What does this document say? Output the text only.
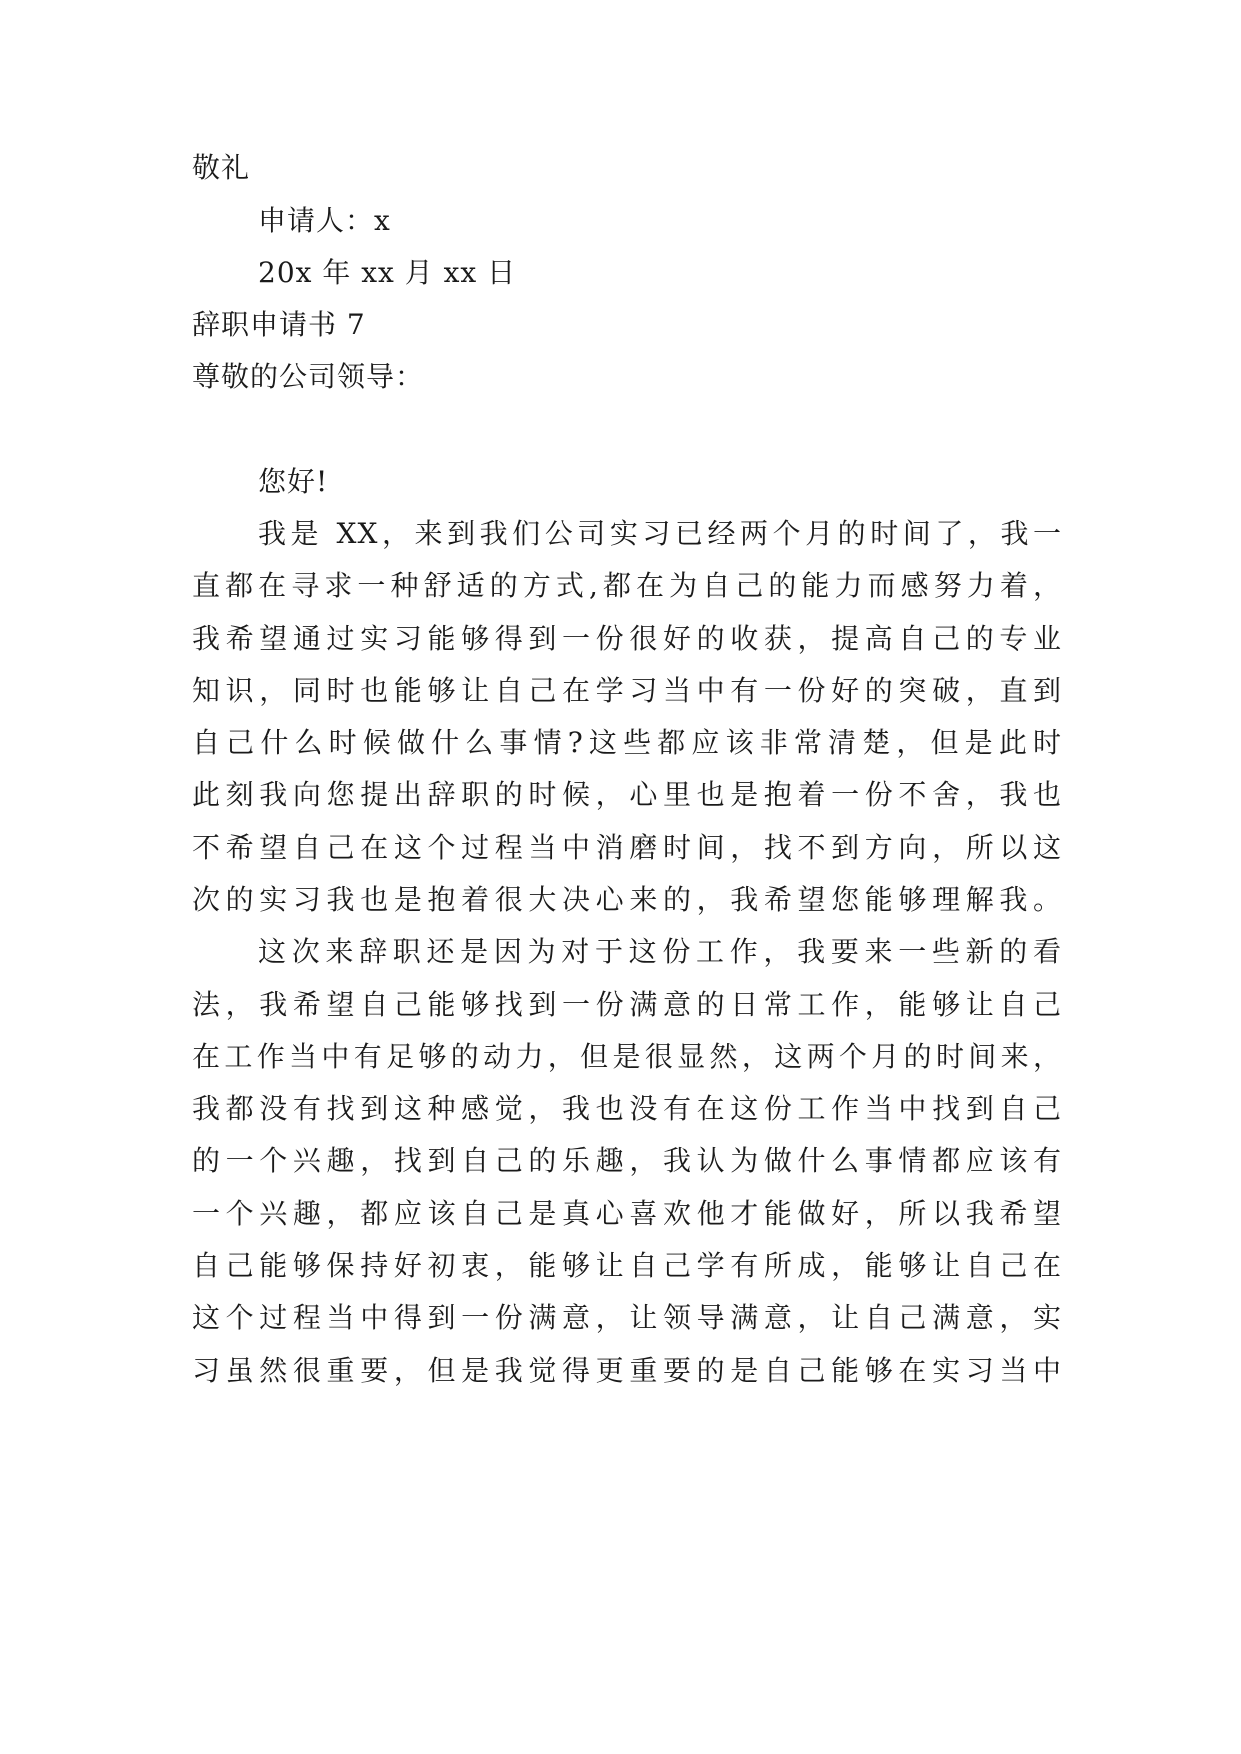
敬礼
申请人：x
20x 年 xx 月 xx 日
辞职申请书 7
尊敬的公司领导：
您好!
我是 XX，来到我们公司实习已经两个月的时间了，我一
直都在寻求一种舒适的方式,都在为自己的能力而感努力着，
我希望通过实习能够得到一份很好的收获，提高自己的专业
知识，同时也能够让自己在学习当中有一份好的突破，直到
自己什么时候做什么事情?这些都应该非常清楚，但是此时
此刻我向您提出辞职的时候，心里也是抱着一份不舍，我也
不希望自己在这个过程当中消磨时间，找不到方向，所以这
次的实习我也是抱着很大决心来的，我希望您能够理解我。
这次来辞职还是因为对于这份工作，我要来一些新的看
法，我希望自己能够找到一份满意的日常工作，能够让自己
在工作当中有足够的动力，但是很显然，这两个月的时间来，
我都没有找到这种感觉，我也没有在这份工作当中找到自己
的一个兴趣，找到自己的乐趣，我认为做什么事情都应该有
一个兴趣，都应该自己是真心喜欢他才能做好，所以我希望
自己能够保持好初衷，能够让自己学有所成，能够让自己在
这个过程当中得到一份满意，让领导满意，让自己满意，实
习虽然很重要，但是我觉得更重要的是自己能够在实习当中
